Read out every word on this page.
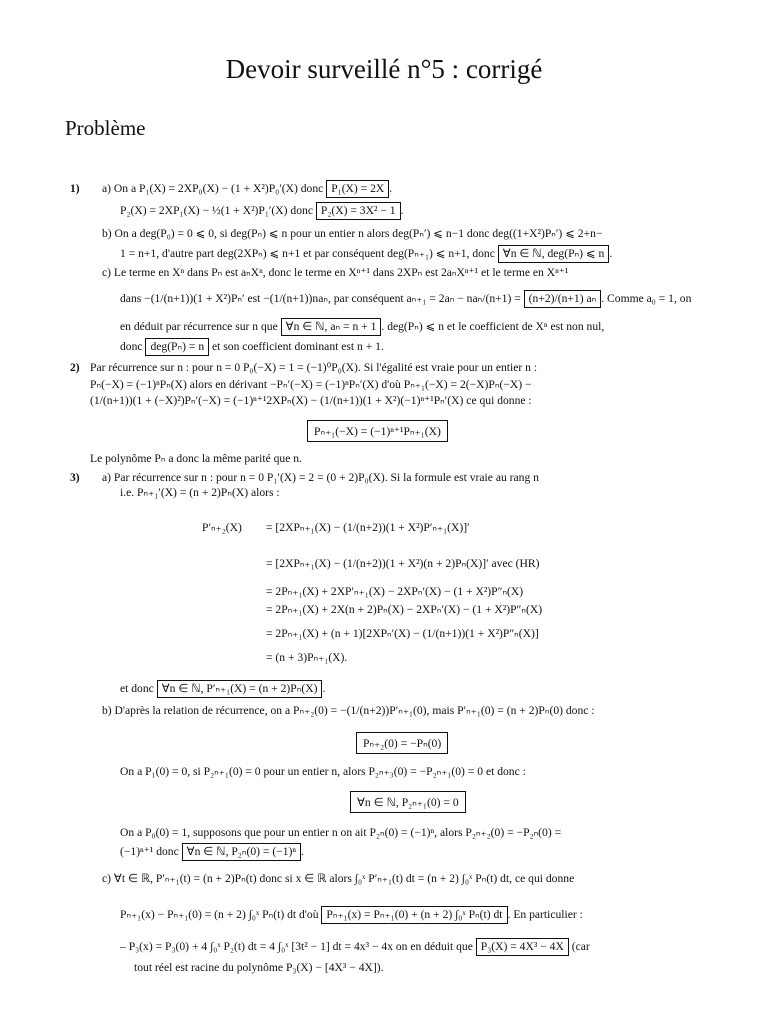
Devoir surveillé n°5 : corrigé
Problème
1) a) On a P₁(X) = 2XP₀(X) − (1 + X²)P₀′(X) donc P₁(X) = 2X .
P₂(X) = 2XP₁(X) − ½(1 + X²)P₁′(X) donc P₂(X) = 3X² − 1 .
b) On a deg(P₀) = 0 ⩽ 0, si deg(Pₙ) ⩽ n pour un entier n alors deg(Pₙ′) ⩽ n−1 donc deg((1+X²)Pₙ′) ⩽ 2+n−
1 = n+1, d'autre part deg(2XPₙ) ⩽ n+1 et par conséquent deg(Pₙ₊₁) ⩽ n+1, donc ∀n ∈ ℕ, deg(Pₙ) ⩽ n .
c) Le terme en Xⁿ dans Pₙ est aₙXⁿ, donc le terme en Xⁿ⁺¹ dans 2XPₙ est 2aₙXⁿ⁺¹ et le terme en Xⁿ⁺¹
dans −(1/(n+1))(1 + X²)Pₙ′ est −(1/(n+1))naₙ, par conséquent aₙ₊₁ = 2aₙ − naₙ/(n+1) = (n+2)/(n+1) aₙ . Comme a₀ = 1, on
en déduit par récurrence sur n que ∀n ∈ ℕ, aₙ = n + 1 . deg(Pₙ) ⩽ n et le coefficient de Xⁿ est non nul,
donc deg(Pₙ) = n et son coefficient dominant est n + 1.
2) Par récurrence sur n : pour n = 0 P₀(−X) = 1 = (−1)⁰P₀(X). Si l'égalité est vraie pour un entier n :
Pₙ(−X) = (−1)ⁿPₙ(X) alors en dérivant −Pₙ′(−X) = (−1)ⁿPₙ′(X) d'où Pₙ₊₁(−X) = 2(−X)Pₙ(−X) −
(1/(n+1))(1 + (−X)²)Pₙ′(−X) = (−1)ⁿ⁺¹2XPₙ(X) − (1/(n+1))(1 + X²)(−1)ⁿ⁺¹Pₙ′(X) ce qui donne :
Pₙ₊₁(−X) = (−1)ⁿ⁺¹Pₙ₊₁(X)
Le polynôme Pₙ a donc la même parité que n.
3) a) Par récurrence sur n : pour n = 0 P₁′(X) = 2 = (0 + 2)P₀(X). Si la formule est vraie au rang n
i.e. Pₙ₊₁′(X) = (n + 2)Pₙ(X) alors :
P′ₙ₊₂(X) = [2XPₙ₊₁(X) − (1/(n+2))(1 + X²)P′ₙ₊₁(X)]′
= [2XPₙ₊₁(X) − (1/(n+2))(1 + X²)(n + 2)Pₙ(X)]′ avec (HR)
= 2Pₙ₊₁(X) + 2XP′ₙ₊₁(X) − 2XPₙ′(X) − (1 + X²)P″ₙ(X)
= 2Pₙ₊₁(X) + 2X(n + 2)Pₙ(X) − 2XPₙ′(X) − (1 + X²)P″ₙ(X)
= 2Pₙ₊₁(X) + (n + 1)[2XPₙ′(X) − (1/(n+1))(1 + X²)P″ₙ(X)]
= (n + 3)Pₙ₊₁(X).
et donc ∀n ∈ ℕ, P′ₙ₊₁(X) = (n + 2)Pₙ(X) .
b) D'après la relation de récurrence, on a Pₙ₊₂(0) = −(1/(n+2))P′ₙ₊₁(0), mais P′ₙ₊₁(0) = (n + 2)Pₙ(0) donc :
Pₙ₊₂(0) = −Pₙ(0)
On a P₁(0) = 0, si P₂ₙ₊₁(0) = 0 pour un entier n, alors P₂ₙ₊₃(0) = −P₂ₙ₊₁(0) = 0 et donc :
∀n ∈ ℕ, P₂ₙ₊₁(0) = 0
On a P₀(0) = 1, supposons que pour un entier n on ait P₂ₙ(0) = (−1)ⁿ, alors P₂ₙ₊₂(0) = −P₂ₙ(0) =
(−1)ⁿ⁺¹ donc ∀n ∈ ℕ, P₂ₙ(0) = (−1)ⁿ .
c) ∀t ∈ ℝ, P′ₙ₊₁(t) = (n + 2)Pₙ(t) donc si x ∈ ℝ alors ∫₀ˣ P′ₙ₊₁(t) dt = (n + 2) ∫₀ˣ Pₙ(t) dt, ce qui donne
Pₙ₊₁(x) − Pₙ₊₁(0) = (n + 2) ∫₀ˣ Pₙ(t) dt d'où Pₙ₊₁(x) = Pₙ₊₁(0) + (n + 2) ∫₀ˣ Pₙ(t) dt . En particulier :
– P₃(x) = P₃(0) + 4 ∫₀ˣ P₂(t) dt = 4 ∫₀ˣ [3t² − 1] dt = 4x³ − 4x on en déduit que P₃(X) = 4X³ − 4X (car
tout réel est racine du polynôme P₃(X) − [4X³ − 4X]).
